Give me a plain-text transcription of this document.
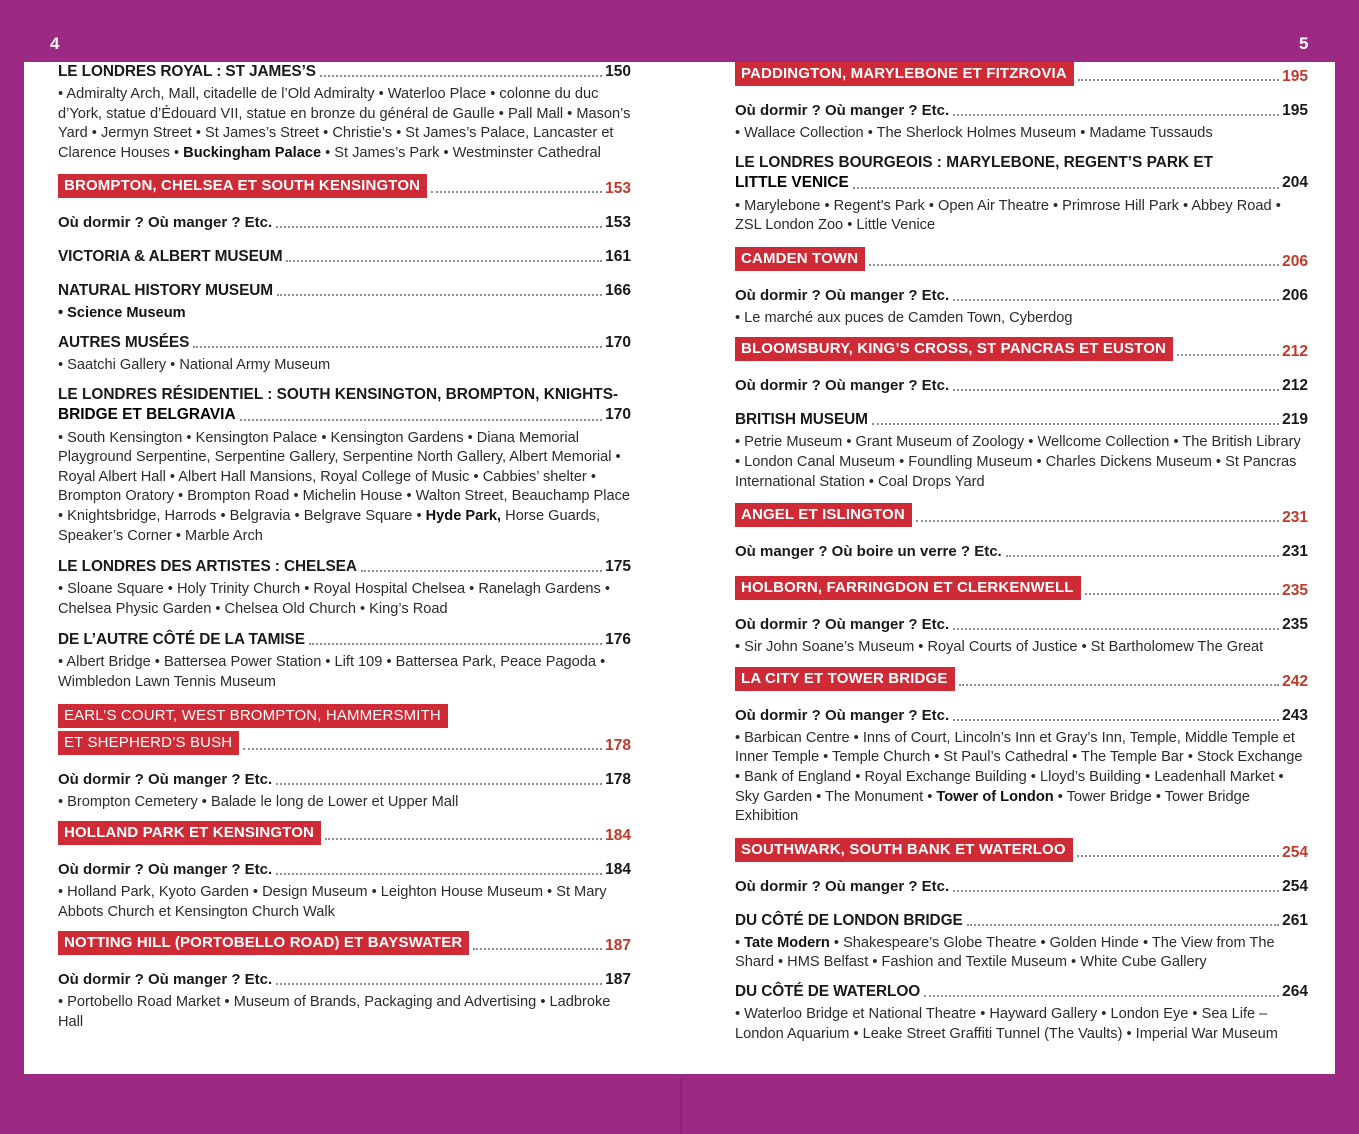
4	SOMMAIRE	SOMMAIRE	5
LE LONDRES ROYAL : ST JAMES’S	150
• Admiralty Arch, Mall, citadelle de l’Old Admiralty • Waterloo Place • colonne du duc d’York, statue d’Édouard VII, statue en bronze du général de Gaulle • Pall Mall • Mason’s Yard • Jermyn Street • St James’s Street • Christie’s • St James’s Palace, Lancaster et Clarence Houses • Buckingham Palace • St James’s Park • Westminster Cathedral
BROMPTON, CHELSEA ET SOUTH KENSINGTON	153
Où dormir ? Où manger ? Etc.	153
VICTORIA & ALBERT MUSEUM	161
NATURAL HISTORY MUSEUM	166
• Science Museum
AUTRES MUSÉES	170
• Saatchi Gallery • National Army Museum
LE LONDRES RÉSIDENTIEL : SOUTH KENSINGTON, BROMPTON, KNIGHTS-
BRIDGE ET BELGRAVIA	170
• South Kensington • Kensington Palace • Kensington Gardens • Diana Memorial Playground Serpentine, Serpentine Gallery, Serpentine North Gallery, Albert Memorial • Royal Albert Hall • Albert Hall Mansions, Royal College of Music • Cabbies’ shelter • Brompton Oratory • Brompton Road • Michelin House • Walton Street, Beauchamp Place • Knightsbridge, Harrods • Belgravia • Belgrave Square • Hyde Park, Horse Guards, Speaker’s Corner • Marble Arch
LE LONDRES DES ARTISTES : CHELSEA	175
• Sloane Square • Holy Trinity Church • Royal Hospital Chelsea • Ranelagh Gardens • Chelsea Physic Garden • Chelsea Old Church • King’s Road
DE L’AUTRE CÔTÉ DE LA TAMISE	176
• Albert Bridge • Battersea Power Station • Lift 109 • Battersea Park, Peace Pagoda • Wimbledon Lawn Tennis Museum
EARL’S COURT, WEST BROMPTON, HAMMERSMITH
ET SHEPHERD’S BUSH	178
Où dormir ? Où manger ? Etc.	178
• Brompton Cemetery • Balade le long de Lower et Upper Mall
HOLLAND PARK ET KENSINGTON	184
Où dormir ? Où manger ? Etc.	184
• Holland Park, Kyoto Garden • Design Museum • Leighton House Museum • St Mary Abbots Church et Kensington Church Walk
NOTTING HILL (PORTOBELLO ROAD) ET BAYSWATER	187
Où dormir ? Où manger ? Etc.	187
• Portobello Road Market • Museum of Brands, Packaging and Advertising • Ladbroke Hall
PADDINGTON, MARYLEBONE ET FITZROVIA	195
Où dormir ? Où manger ? Etc.	195
• Wallace Collection • The Sherlock Holmes Museum • Madame Tussauds
LE LONDRES BOURGEOIS : MARYLEBONE, REGENT’S PARK ET
LITTLE VENICE	204
• Marylebone • Regent's Park • Open Air Theatre • Primrose Hill Park • Abbey Road • ZSL London Zoo • Little Venice
CAMDEN TOWN	206
Où dormir ? Où manger ? Etc.	206
• Le marché aux puces de Camden Town, Cyberdog
BLOOMSBURY, KING’S CROSS, ST PANCRAS ET EUSTON	212
Où dormir ? Où manger ? Etc.	212
BRITISH MUSEUM	219
• Petrie Museum • Grant Museum of Zoology • Wellcome Collection • The British Library • London Canal Museum • Foundling Museum • Charles Dickens Museum • St Pancras International Station • Coal Drops Yard
ANGEL ET ISLINGTON	231
Où manger ? Où boire un verre ? Etc.	231
HOLBORN, FARRINGDON ET CLERKENWELL	235
Où dormir ? Où manger ? Etc.	235
• Sir John Soane’s Museum • Royal Courts of Justice • St Bartholomew The Great
LA CITY ET TOWER BRIDGE	242
Où dormir ? Où manger ? Etc.	243
• Barbican Centre • Inns of Court, Lincoln’s Inn et Gray’s Inn, Temple, Middle Temple et Inner Temple • Temple Church • St Paul’s Cathedral • The Temple Bar • Stock Exchange • Bank of England • Royal Exchange Building • Lloyd’s Building • Leadenhall Market • Sky Garden • The Monument • Tower of London • Tower Bridge • Tower Bridge Exhibition
SOUTHWARK, SOUTH BANK ET WATERLOO	254
Où dormir ? Où manger ? Etc.	254
DU CÔTÉ DE LONDON BRIDGE	261
• Tate Modern • Shakespeare’s Globe Theatre • Golden Hinde • The View from The Shard • HMS Belfast • Fashion and Textile Museum • White Cube Gallery
DU CÔTÉ DE WATERLOO	264
• Waterloo Bridge et National Theatre • Hayward Gallery • London Eye • Sea Life – London Aquarium • Leake Street Graffiti Tunnel (The Vaults) • Imperial War Museum
